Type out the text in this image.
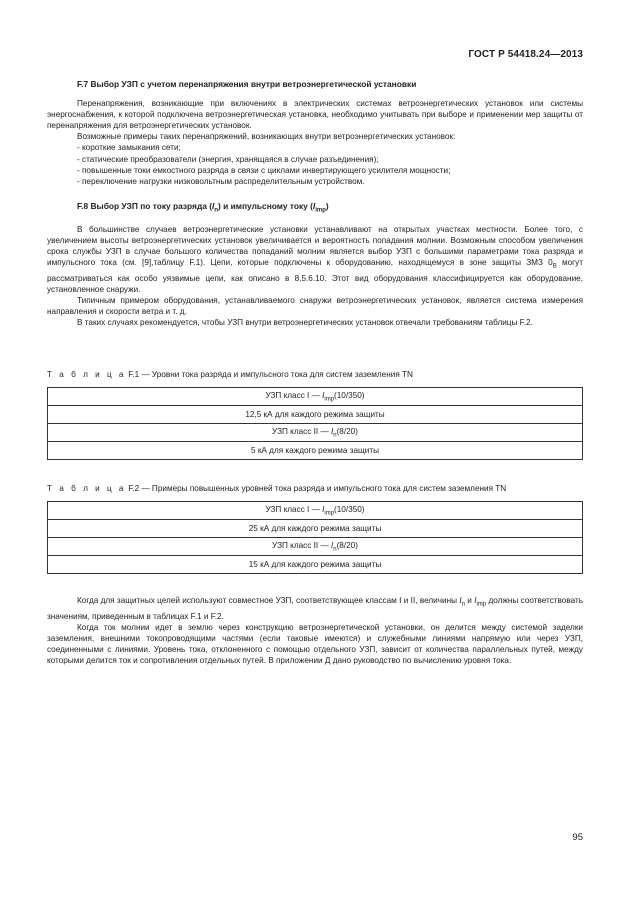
ГОСТ Р 54418.24—2013
F.7 Выбор УЗП с учетом перенапряжения внутри ветроэнергетической установки

Перенапряжения, возникающие при включениях в электрических системах ветроэнергетических установок или системы энергоснабжения, к которой подключена ветроэнергетическая установка, необходимо учитывать при выборе и применении мер защиты от перенапряжения для ветроэнергетических установок.

Возможные примеры таких перенапряжений, возникающих внутри ветроэнергетических установок:

- короткие замыкания сети;

- статические преобразователи (энергия, хранящаяся в случае разъединения);

- повышенные токи емкостного разряда в связи с циклами инвертирующего усилителя мощности;

- переключение нагрузки низковольтным распределительным устройством.

F.8 Выбор УЗП по току разряда $(I_n)$ и импульсному току $(I_{imp})$

В большинстве случаев ветроэнергетические установки устанавливают на открытых участках местности. Более того, с увеличением высоты ветроэнергетических установок увеличивается и вероятность попадания молнии. Возможным способом увеличения срока службы УЗП в случае большого количества попаданий молнии является выбор УЗП с большими параметрами тока разряда и импульсного тока (см. [9],таблицу F.1). Цепи, которые подключены к оборудованию, находящемуся в зоне защиты ЗМЗ $0_B$ могут рассматриваться как особо уязвимые цепи, как описано в 8.5.6.10. Этот вид оборудования классифицируется как оборудование, установленное снаружи.

Типичным примером оборудования, устанавливаемого снаружи ветроэнергетических установок, является система измерения направления и скорости ветра и т. д.

В таких случаях рекомендуется, чтобы УЗП внутри ветроэнергетических установок отвечали требованиям таблицы F.2.

Т а б л и ц а F.1 — Уровни тока разряда и импульсного тока для систем заземления TN
УЗП класс I — $I_{imp}(10/350)$
12,5 кА для каждого режима защиты
УЗП класс II — $I_n(8/20)$
5 кА для каждого режима защиты
Т а б л и ц а F.2 — Примеры повышенных уровней тока разряда и импульсного тока для систем заземления TN
УЗП класс I — $I_{imp}(10/350)$
25 кА для каждого режима защиты
УЗП класс II — $I_n(8/20)$
15 кА для каждого режима защиты

Когда для защитных целей используют совместное УЗП, соответствующее классам I и II, величины $I_n$ и $I_{imp}$ должны соответствовать значениям, приведенным в таблицах F.1 и F.2.

Когда ток молнии идет в землю через конструкцию ветроэнергетической установки, он делится между системой заделки заземления, внешними токопроводящими частями (если таковые имеются) и служебными линиями напрямую или через УЗП, соединенными с линиями. Уровень тока, отклоненного с помощью отдельного УЗП, зависит от количества параллельных путей, между которыми делится ток и сопротивления отдельных путей. В приложении Д дано руководство по вычислению уровня тока.

95
